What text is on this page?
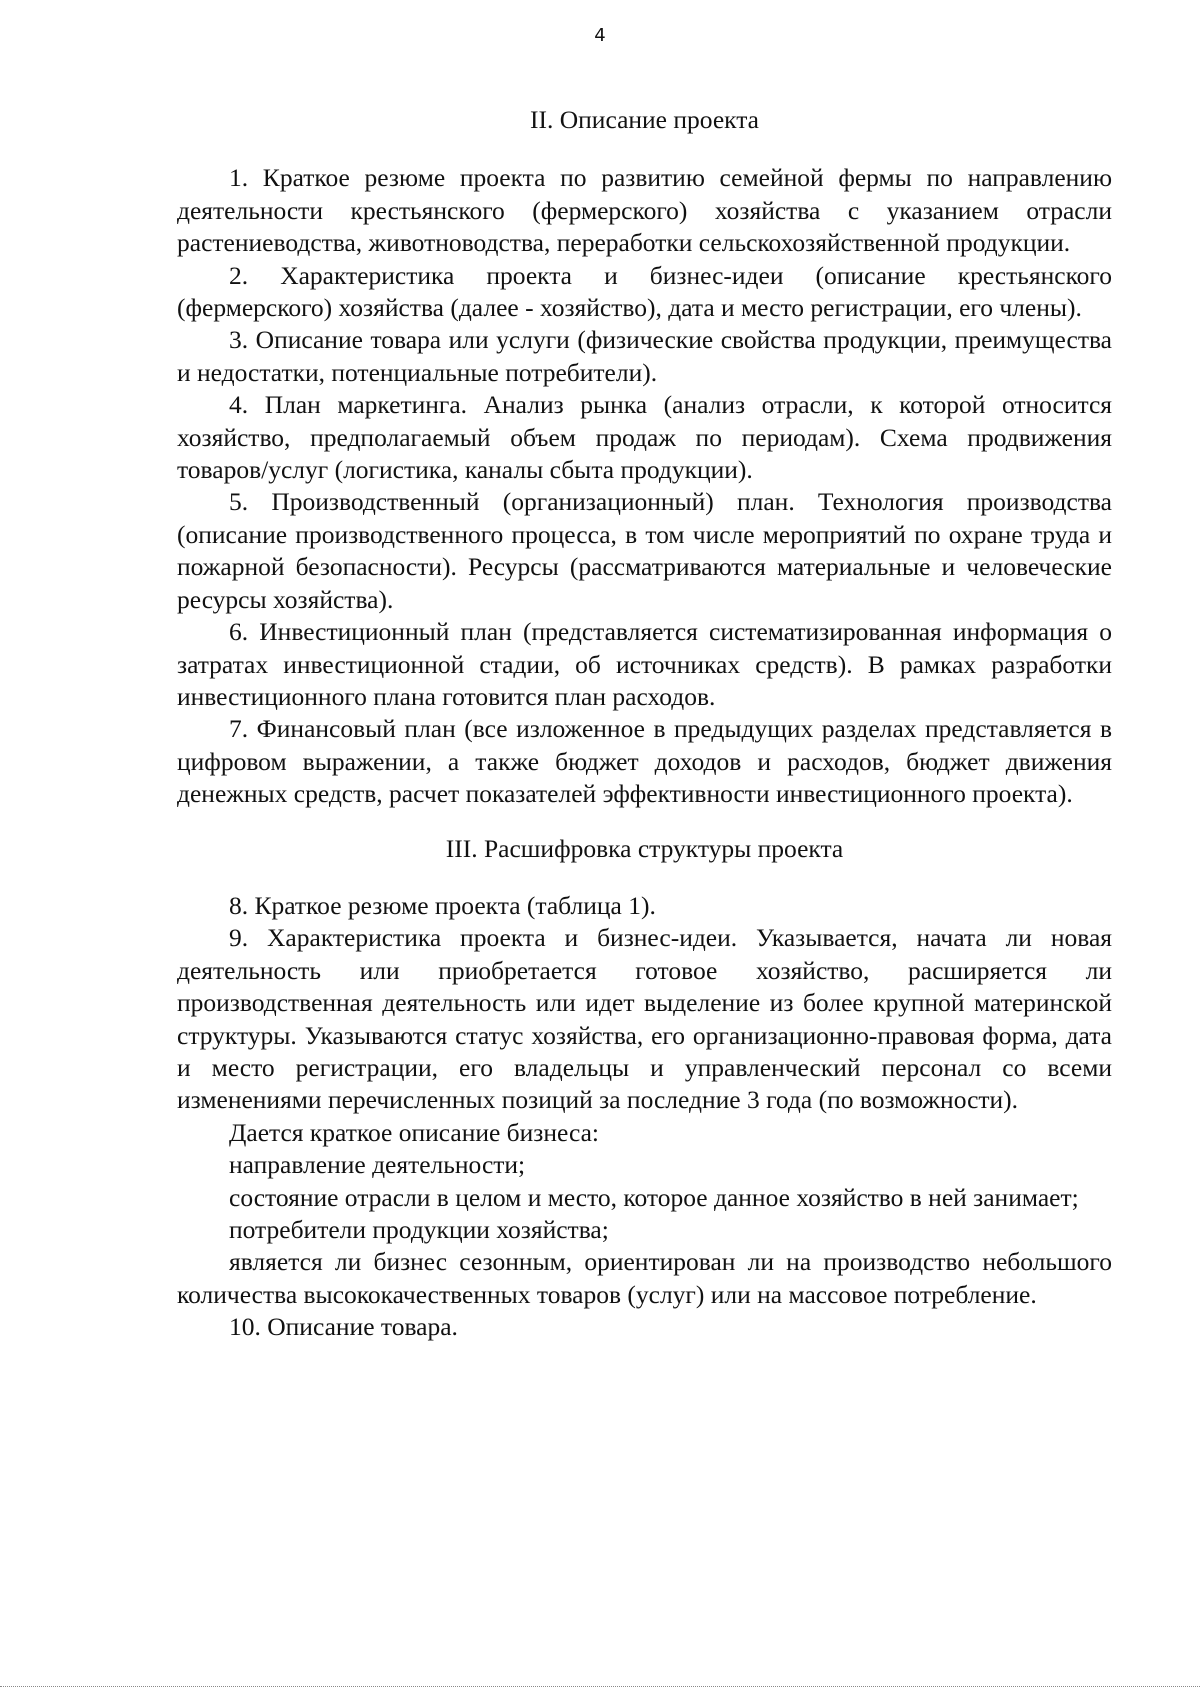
4

II. Описание проекта

1. Краткое резюме проекта по развитию семейной фермы по направлению деятельности крестьянского (фермерского) хозяйства с указанием отрасли растениеводства, животноводства, переработки сельскохозяйственной продукции.

2. Характеристика проекта и бизнес-идеи (описание крестьянского (фермерского) хозяйства (далее - хозяйство), дата и место регистрации, его члены).

3. Описание товара или услуги (физические свойства продукции, преимущества и недостатки, потенциальные потребители).

4. План маркетинга. Анализ рынка (анализ отрасли, к которой относится хозяйство, предполагаемый объем продаж по периодам). Схема продвижения товаров/услуг (логистика, каналы сбыта продукции).

5. Производственный (организационный) план. Технология производства (описание производственного процесса, в том числе мероприятий по охране труда и пожарной безопасности). Ресурсы (рассматриваются материальные и человеческие ресурсы хозяйства).

6. Инвестиционный план (представляется систематизированная информация о затратах инвестиционной стадии, об источниках средств). В рамках разработки инвестиционного плана готовится план расходов.

7. Финансовый план (все изложенное в предыдущих разделах представляется в цифровом выражении, а также бюджет доходов и расходов, бюджет движения денежных средств, расчет показателей эффективности инвестиционного проекта).

III. Расшифровка структуры проекта

8. Краткое резюме проекта (таблица 1).

9. Характеристика проекта и бизнес-идеи. Указывается, начата ли новая деятельность или приобретается готовое хозяйство, расширяется ли производственная деятельность или идет выделение из более крупной материнской структуры. Указываются статус хозяйства, его организационно-правовая форма, дата и место регистрации, его владельцы и управленческий персонал со всеми изменениями перечисленных позиций за последние 3 года (по возможности).

Дается краткое описание бизнеса:

направление деятельности;

состояние отрасли в целом и место, которое данное хозяйство в ней занимает;

потребители продукции хозяйства;

является ли бизнес сезонным, ориентирован ли на производство небольшого количества высококачественных товаров (услуг) или на массовое потребление.

10. Описание товара.
